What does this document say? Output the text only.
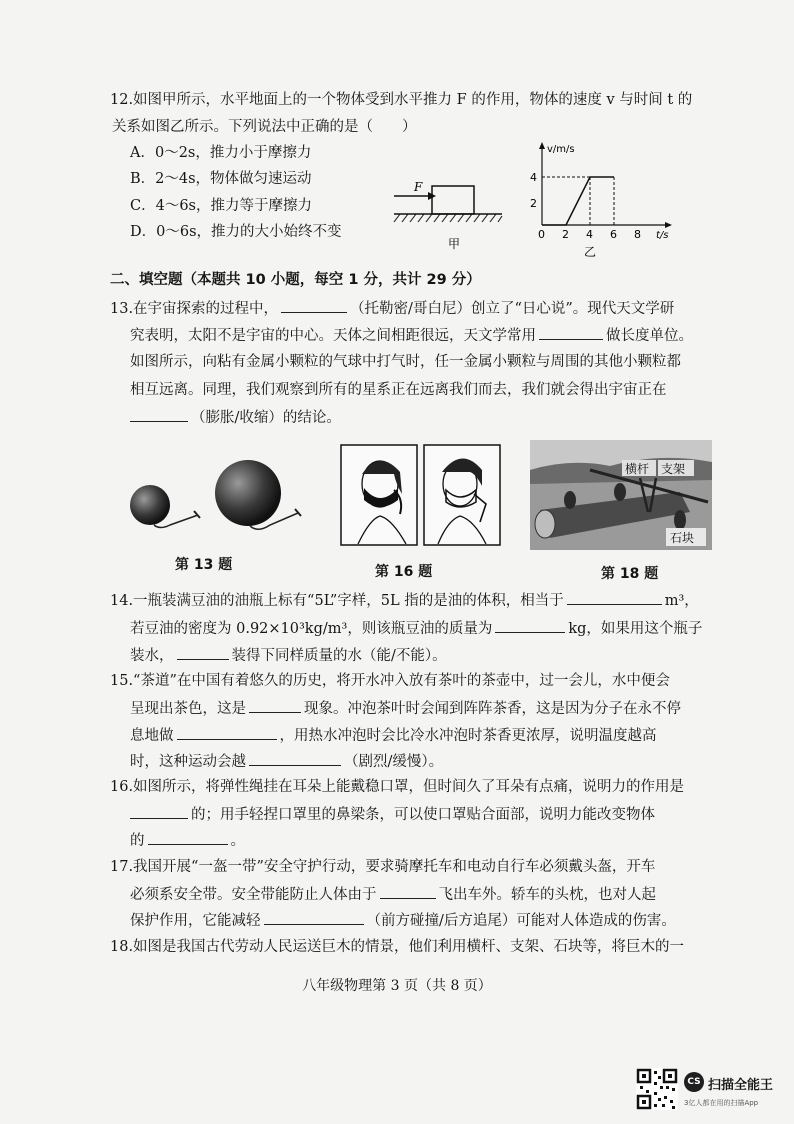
12.如图甲所示，水平地面上的一个物体受到水平推力 F 的作用，物体的速度 v 与时间 t 的
关系如图乙所示。下列说法中正确的是（　　）
A．0～2s，推力小于摩擦力
B．2～4s，物体做匀速运动
C．4～6s，推力等于摩擦力
D．0～6s，推力的大小始终不变
F
甲
v/m/s
t/s
4
2
0 2 4 6 8
乙
二、填空题（本题共 10 小题，每空 1 分，共计 29 分）
13.在宇宙探索的过程中，	（托勒密/哥白尼）创立了“日心说”。现代天文学研
究表明，太阳不是宇宙的中心。天体之间相距很远，天文学常用	做长度单位。
如图所示，向粘有金属小颗粒的气球中打气时，任一金属小颗粒与周围的其他小颗粒都
相互远离。同理，我们观察到所有的星系正在远离我们而去，我们就会得出宇宙正在
（膨胀/收缩）的结论。
第 13 题	第 16 题
横杆 支架
石块
第 18 题
14.一瓶装满豆油的油瓶上标有“5L”字样，5L 指的是油的体积，相当于	m³，
若豆油的密度为 0.92×10³kg/m³，则该瓶豆油的质量为	kg，如果用这个瓶子
装水，	装得下同样质量的水（能/不能）。
15.“茶道”在中国有着悠久的历史，将开水冲入放有茶叶的茶壶中，过一会儿，水中便会
呈现出茶色，这是	现象。冲泡茶叶时会闻到阵阵茶香，这是因为分子在永不停
息地做	，用热水冲泡时会比冷水冲泡时茶香更浓厚，说明温度越高
时，这种运动会越	（剧烈/缓慢）。
16.如图所示，将弹性绳挂在耳朵上能戴稳口罩，但时间久了耳朵有点痛，说明力的作用是
的；用手轻捏口罩里的鼻梁条，可以使口罩贴合面部，说明力能改变物体
的	。
17.我国开展“一盔一带”安全守护行动，要求骑摩托车和电动自行车必须戴头盔，开车
必须系安全带。安全带能防止人体由于	飞出车外。轿车的头枕，也对人起
保护作用，它能减轻	（前方碰撞/后方追尾）可能对人体造成的伤害。
18.如图是我国古代劳动人民运送巨木的情景，他们利用横杆、支架、石块等，将巨木的一
八年级物理第 3 页（共 8 页）
CS 扫描全能王
3亿人都在用的扫描App
